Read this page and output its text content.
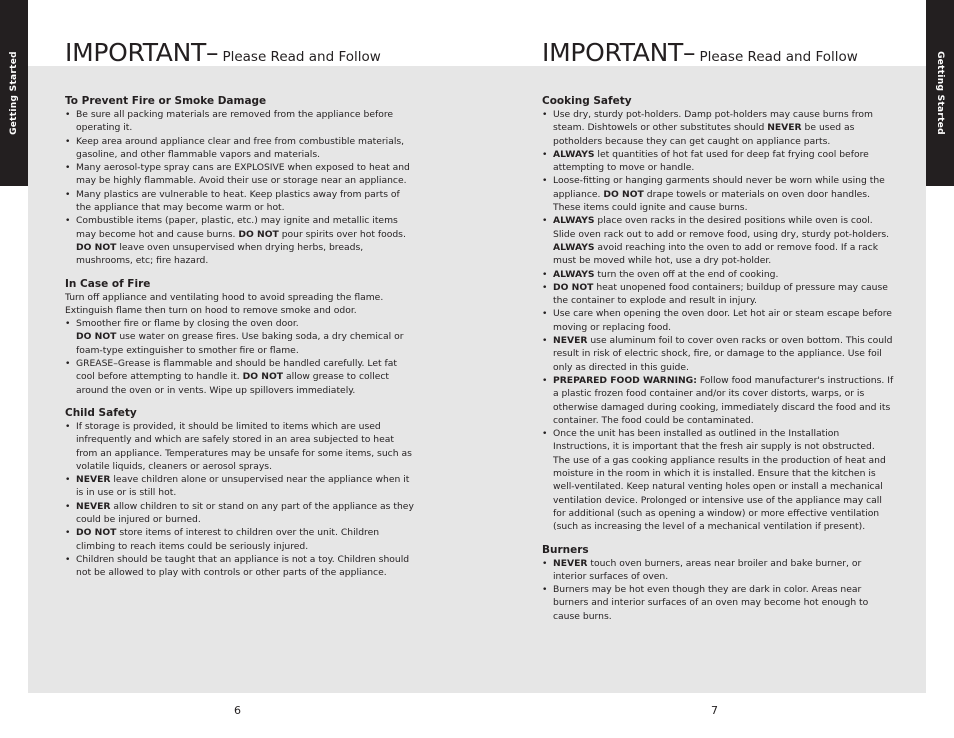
Getting Started	Getting Started
IMPORTANT– Please Read and Follow
To Prevent Fire or Smoke Damage
• Be sure all packing materials are removed from the appliance before operating it.
• Keep area around appliance clear and free from combustible materials, gasoline, and other flammable vapors and materials.
• Many aerosol-type spray cans are EXPLOSIVE when exposed to heat and may be highly flammable. Avoid their use or storage near an appliance.
• Many plastics are vulnerable to heat. Keep plastics away from parts of the appliance that may become warm or hot.
• Combustible items (paper, plastic, etc.) may ignite and metallic items may become hot and cause burns. DO NOT pour spirits over hot foods.
DO NOT leave oven unsupervised when drying herbs, breads, mushrooms, etc; fire hazard.
In Case of Fire

Turn off appliance and ventilating hood to avoid spreading the flame.

Extinguish flame then turn on hood to remove smoke and odor.

• Smoother fire or flame by closing the oven door.
DO NOT use water on grease fires. Use baking soda, a dry chemical or foam-type extinguisher to smother fire or flame.
• GREASE–Grease is flammable and should be handled carefully. Let fat cool before attempting to handle it. DO NOT allow grease to collect around the oven or in vents. Wipe up spillovers immediately.
Child Safety
• If storage is provided, it should be limited to items which are used infrequently and which are safely stored in an area subjected to heat from an appliance. Temperatures may be unsafe for some items, such as volatile liquids, cleaners or aerosol sprays.
• NEVER leave children alone or unsupervised near the appliance when it is in use or is still hot.
• NEVER allow children to sit or stand on any part of the appliance as they could be injured or burned.
• DO NOT store items of interest to children over the unit. Children climbing to reach items could be seriously injured.
• Children should be taught that an appliance is not a toy. Children should not be allowed to play with controls or other parts of the appliance.
IMPORTANT– Please Read and Follow
Cooking Safety
• Use dry, sturdy pot-holders. Damp pot-holders may cause burns from steam. Dishtowels or other substitutes should NEVER be used as potholders because they can get caught on appliance parts.
• ALWAYS let quantities of hot fat used for deep fat frying cool before attempting to move or handle.
• Loose-fitting or hanging garments should never be worn while using the appliance. DO NOT drape towels or materials on oven door handles. These items could ignite and cause burns.
• ALWAYS place oven racks in the desired positions while oven is cool. Slide oven rack out to add or remove food, using dry, sturdy pot-holders.
ALWAYS avoid reaching into the oven to add or remove food. If a rack must be moved while hot, use a dry pot-holder.
• ALWAYS turn the oven off at the end of cooking.
• DO NOT heat unopened food containers; buildup of pressure may cause the container to explode and result in injury.
• Use care when opening the oven door. Let hot air or steam escape before moving or replacing food.
• NEVER use aluminum foil to cover oven racks or oven bottom. This could result in risk of electric shock, fire, or damage to the appliance. Use foil only as directed in this guide.
• PREPARED FOOD WARNING: Follow food manufacturer's instructions. If a plastic frozen food container and/or its cover distorts, warps, or is otherwise damaged during cooking, immediately discard the food and its container. The food could be contaminated.
• Once the unit has been installed as outlined in the Installation Instructions, it is important that the fresh air supply is not obstructed. The use of a gas cooking appliance results in the production of heat and moisture in the room in which it is installed. Ensure that the kitchen is well-ventilated. Keep natural venting holes open or install a mechanical ventilation device. Prolonged or intensive use of the appliance may call for additional (such as opening a window) or more effective ventilation (such as increasing the level of a mechanical ventilation if present).
Burners
• NEVER touch oven burners, areas near broiler and bake burner, or interior surfaces of oven.
• Burners may be hot even though they are dark in color. Areas near burners and interior surfaces of an oven may become hot enough to cause burns.
6	7
